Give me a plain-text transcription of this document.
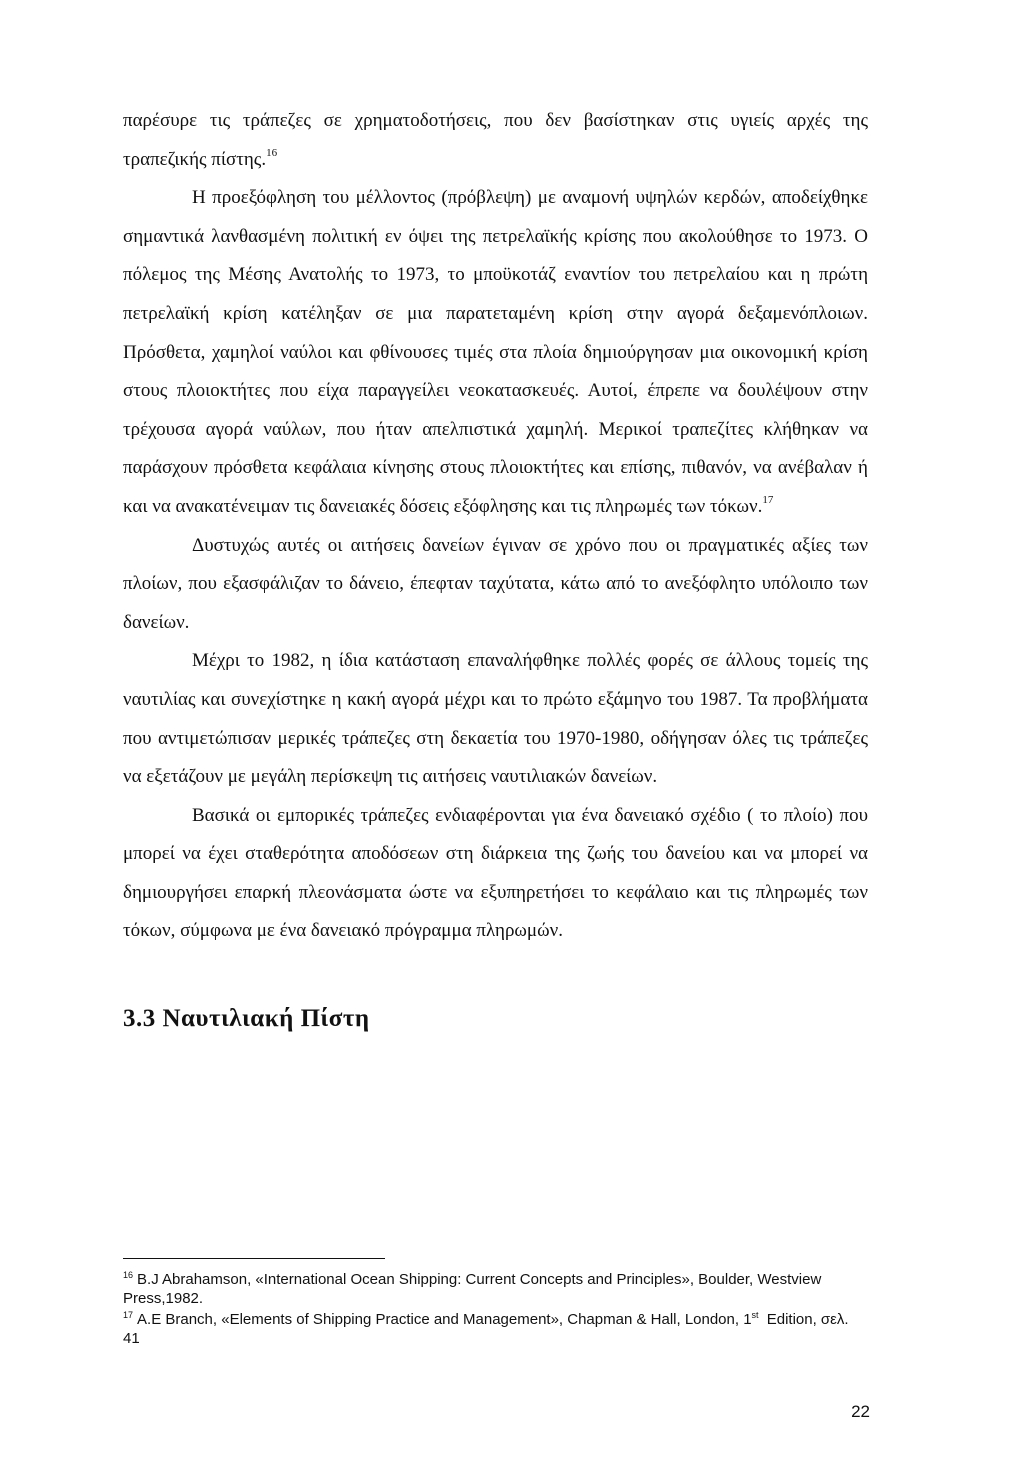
παρέσυρε τις τράπεζες σε χρηματοδοτήσεις, που δεν βασίστηκαν στις υγιείς αρχές της τραπεζικής πίστης.$^{16}$

Η προεξόφληση του μέλλοντος (πρόβλεψη) με αναμονή υψηλών κερδών, αποδείχθηκε σημαντικά λανθασμένη πολιτική εν όψει της πετρελαϊκής κρίσης που ακολούθησε το 1973. Ο πόλεμος της Μέσης Ανατολής το 1973, το μποϋκοτάζ εναντίον του πετρελαίου και η πρώτη πετρελαϊκή κρίση κατέληξαν σε μια παρατεταμένη κρίση στην αγορά δεξαμενόπλοιων. Πρόσθετα, χαμηλοί ναύλοι και φθίνουσες τιμές στα πλοία δημιούργησαν μια οικονομική κρίση στους πλοιοκτήτες που είχα παραγγείλει νεοκατασκευές. Αυτοί, έπρεπε να δουλέψουν στην τρέχουσα αγορά ναύλων, που ήταν απελπιστικά χαμηλή. Μερικοί τραπεζίτες κλήθηκαν να παράσχουν πρόσθετα κεφάλαια κίνησης στους πλοιοκτήτες και επίσης, πιθανόν, να ανέβαλαν ή και να ανακατένειμαν τις δανειακές δόσεις εξόφλησης και τις πληρωμές των τόκων.$^{17}$

Δυστυχώς αυτές οι αιτήσεις δανείων έγιναν σε χρόνο που οι πραγματικές αξίες των πλοίων, που εξασφάλιζαν το δάνειο, έπεφταν ταχύτατα, κάτω από το ανεξόφλητο υπόλοιπο των δανείων.

Μέχρι το 1982, η ίδια κατάσταση επαναλήφθηκε πολλές φορές σε άλλους τομείς της ναυτιλίας και συνεχίστηκε η κακή αγορά μέχρι και το πρώτο εξάμηνο του 1987. Τα προβλήματα που αντιμετώπισαν μερικές τράπεζες στη δεκαετία του 1970-1980, οδήγησαν όλες τις τράπεζες να εξετάζουν με μεγάλη περίσκεψη τις αιτήσεις ναυτιλιακών δανείων.

Βασικά οι εμπορικές τράπεζες ενδιαφέρονται για ένα δανειακό σχέδιο ( το πλοίο) που μπορεί να έχει σταθερότητα αποδόσεων στη διάρκεια της ζωής του δανείου και να μπορεί να δημιουργήσει επαρκή πλεονάσματα ώστε να εξυπηρετήσει το κεφάλαιο και τις πληρωμές των τόκων, σύμφωνα με ένα δανειακό πρόγραμμα πληρωμών.

3.3 Ναυτιλιακή Πίστη

$^{16}$ B.J Abrahamson, «International Ocean Shipping: Current Concepts and Principles», Boulder, Westview Press,1982.

$^{17}$ A.E Branch, «Elements of Shipping Practice and Management», Chapman & Hall, London, 1st Edition, σελ. 41

22
